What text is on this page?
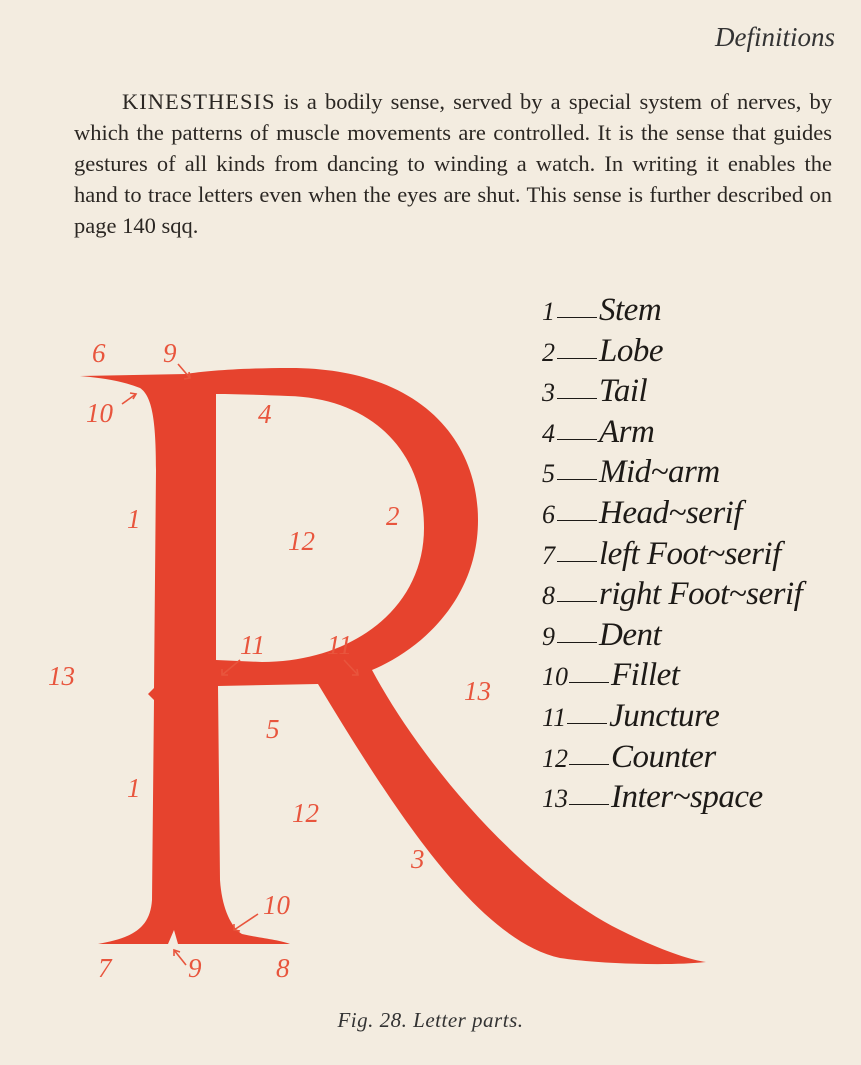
Definitions

KINESTHESIS is a bodily sense, served by a special system of nerves, by which the patterns of muscle movements are controlled. It is the sense that guides gestures of all kinds from dancing to winding a watch. In writing it enables the hand to trace letters even when the eyes are shut. This sense is further described on page 140 sqq.

6 9
10	4
1
12
2
11 11
13	13
5
1
12
3
10
7	9	8
1 Stem
2 Lobe
3 Tail
4 Arm
5 Mid~arm
6 Head~serif
7 left Foot~serif
8 right Foot~serif
9 Dent
10 Fillet
11 Juncture
12 Counter
13 Inter~space
Fig. 28. Letter parts.
